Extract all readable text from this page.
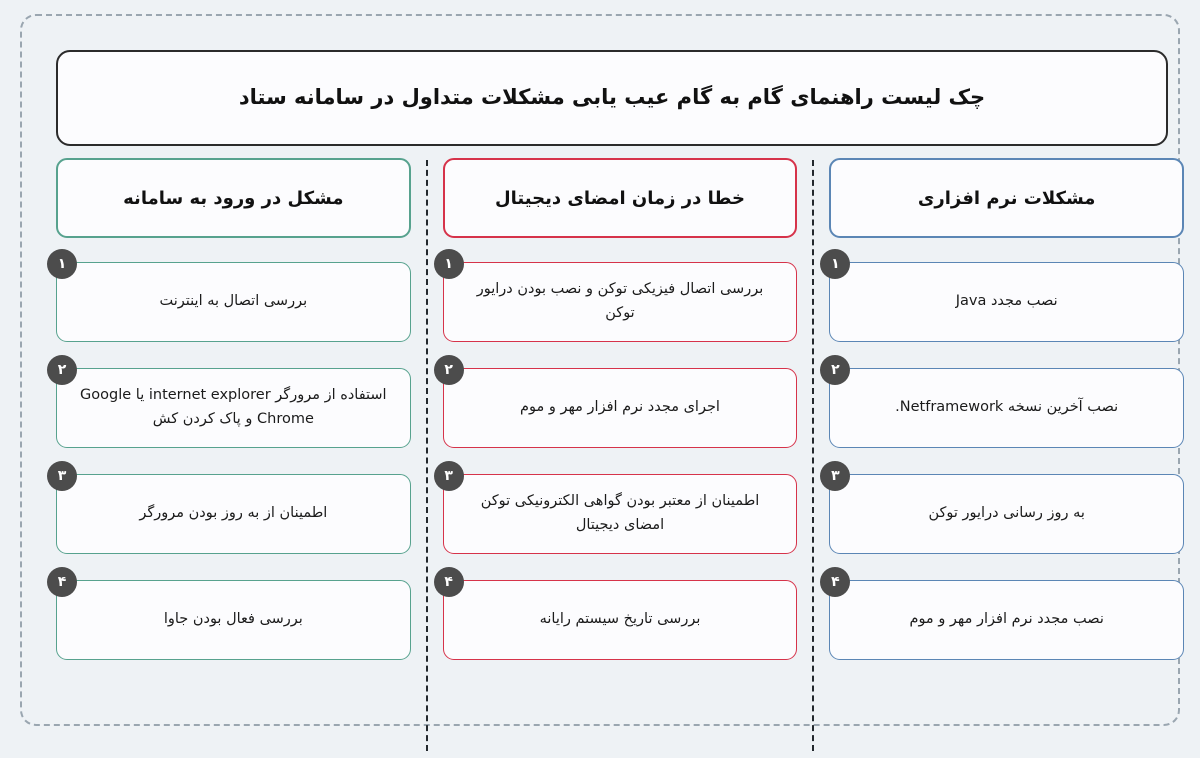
چک لیست راهنمای گام به گام عیب یابی مشکلات متداول در سامانه ستاد
مشکلات نرم افزاری
١
نصب مجدد Java
٢
نصب آخرین نسخه Netframework.
٣
به روز رسانی درایور توکن
۴
نصب مجدد نرم افزار مهر و موم
خطا در زمان امضای دیجیتال
١
بررسی اتصال فیزیکی توکن و نصب بودن درایور توکن
٢
اجرای مجدد نرم افزار مهر و موم
٣
اطمینان از معتبر بودن گواهی الکترونیکی توکن امضای دیجیتال
۴
بررسی تاریخ سیستم رایانه
مشکل در ورود به سامانه
١
بررسی اتصال به اینترنت
٢
استفاده از مرورگر internet explorer یا Google Chrome و پاک کردن کش
٣
اطمینان از به روز بودن مرورگر
۴
بررسی فعال بودن جاوا
